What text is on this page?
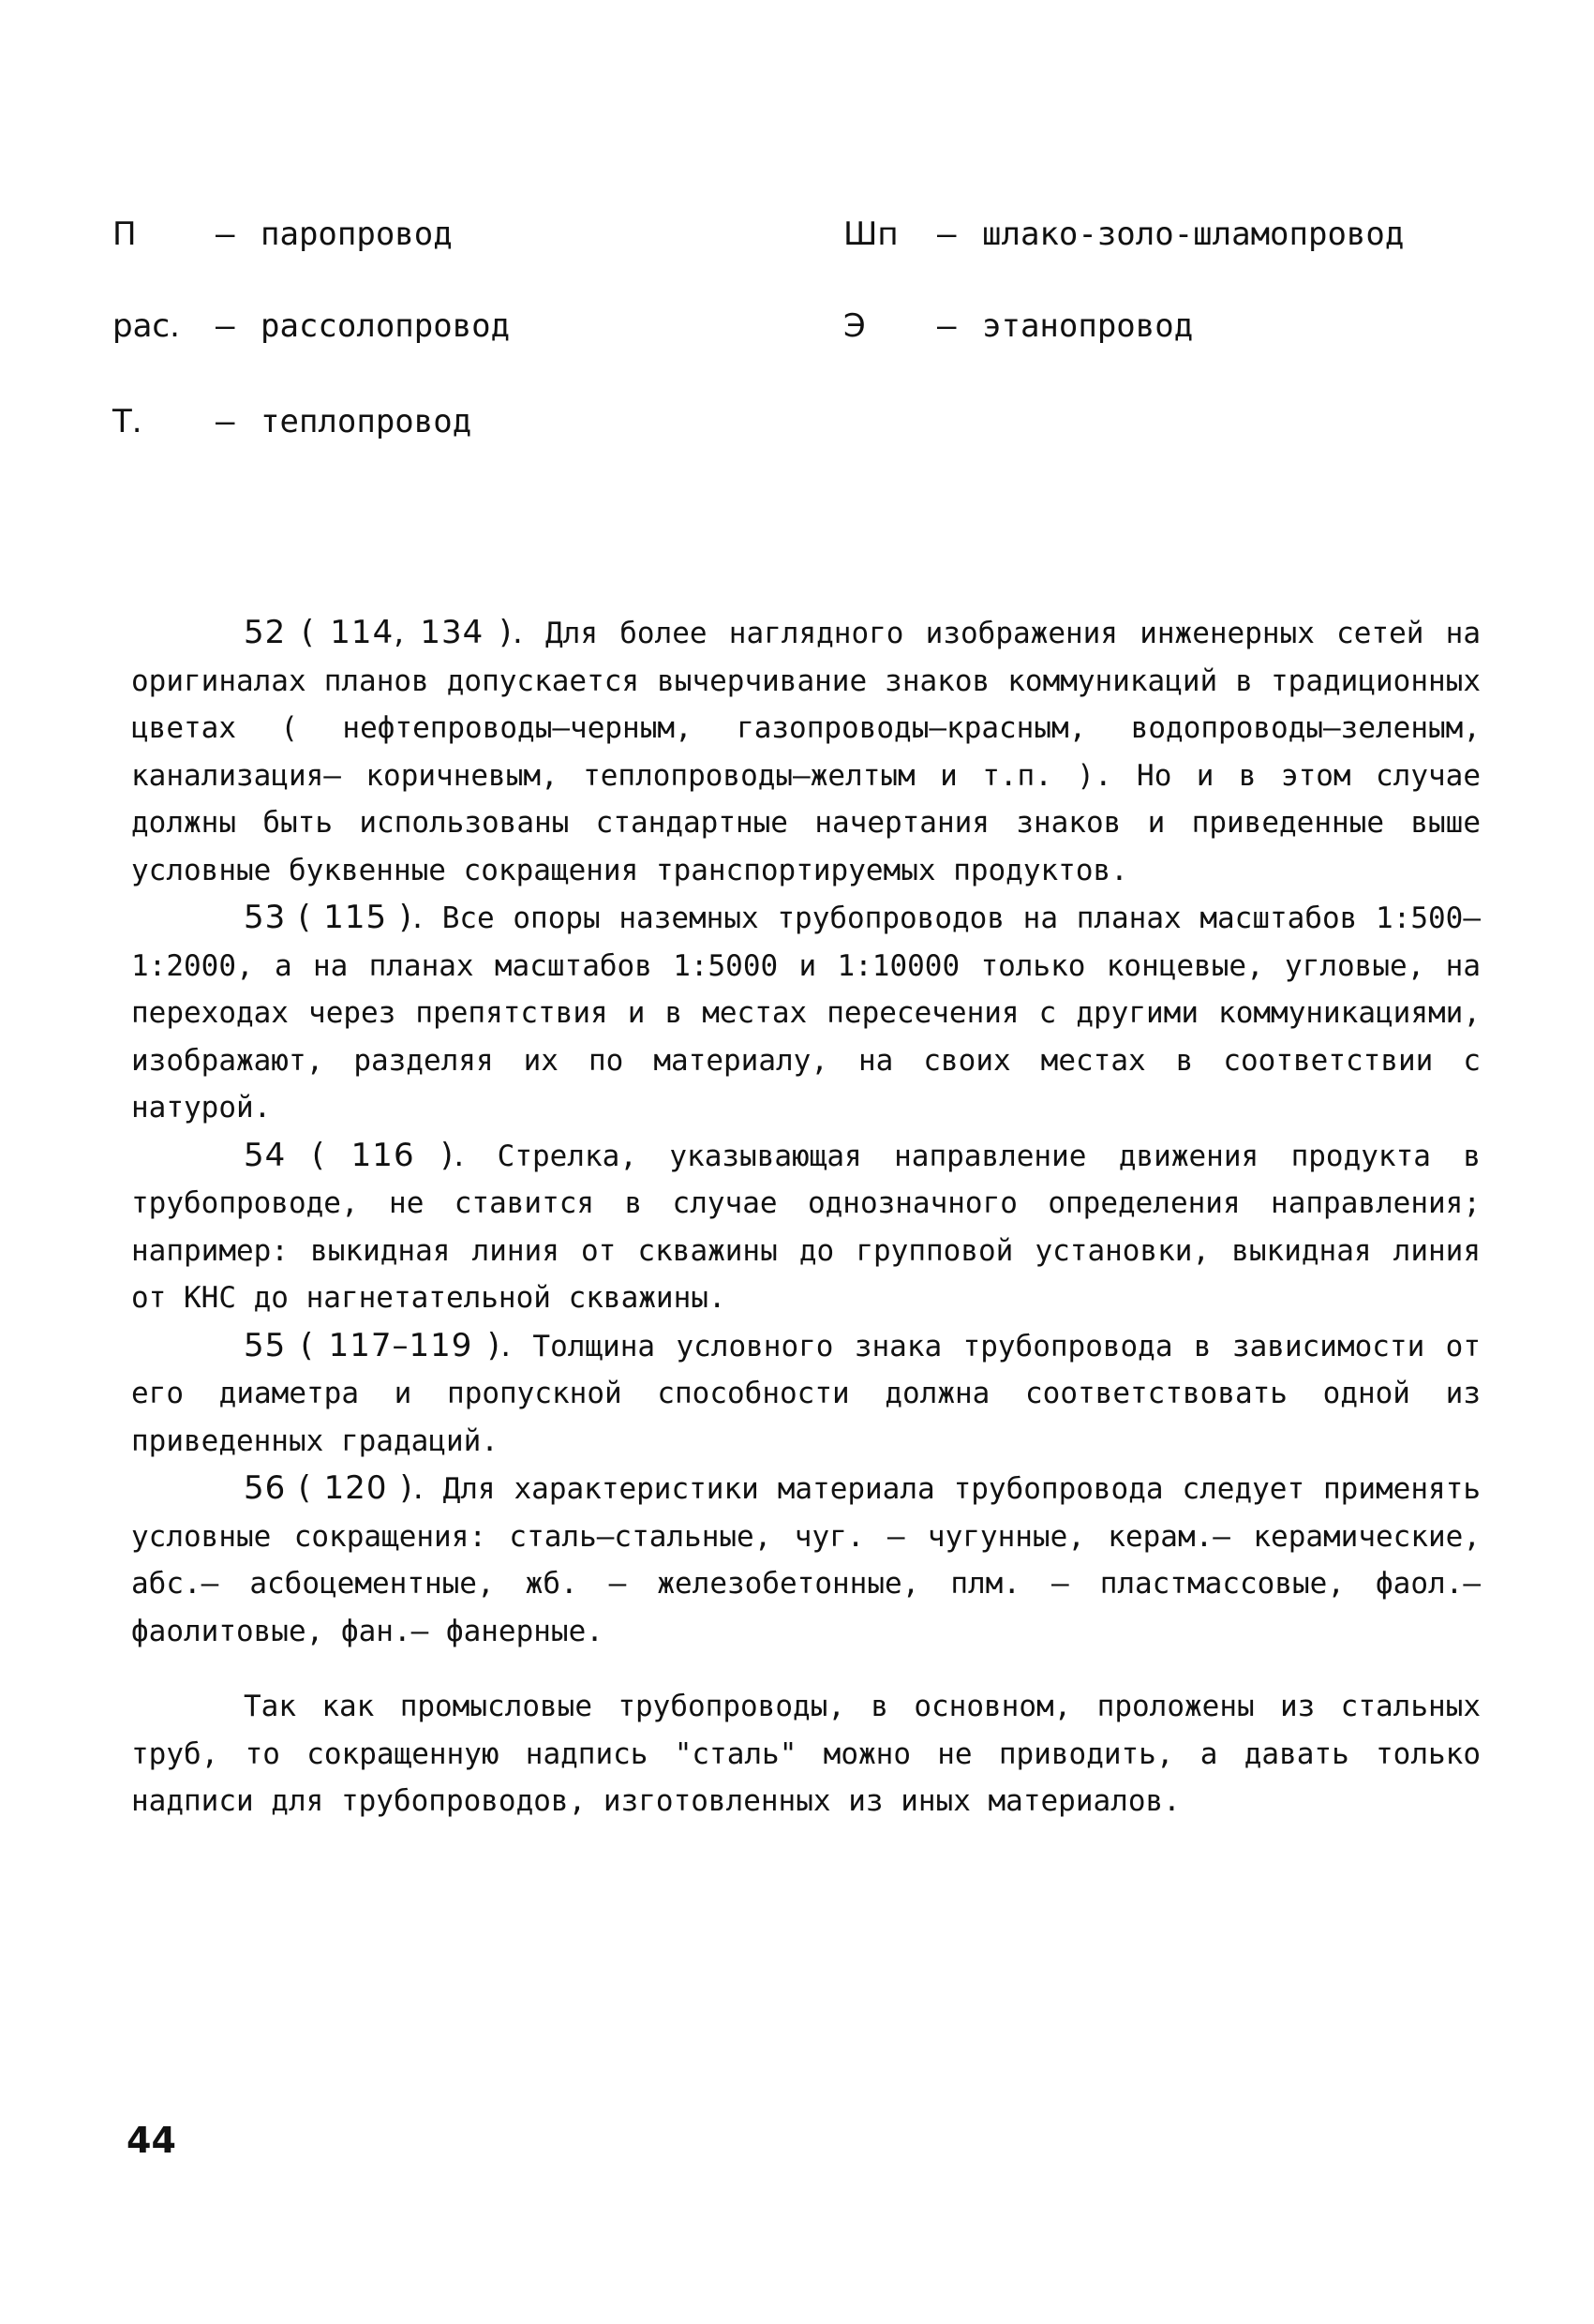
П – паропровод
рас. – рассолопровод
Т. – теплопровод
Шп – шлако-золо-шламопровод
Э – этанопровод

52 ( 114, 134 ). Для более наглядного изображения инженерных сетей на оригиналах планов допускается вычерчивание знаков коммуникаций в традиционных цветах ( нефтепроводы–черным, газопроводы–красным, водопроводы–зеленым, канализация– коричневым, теплопроводы–желтым и т.п. ). Но и в этом случае должны быть использованы стандартные начертания знаков и приведенные выше условные буквенные сокращения транспортируемых продуктов.

53 ( 115 ). Все опоры наземных трубопроводов на планах масштабов 1:500–1:2000, а на планах масштабов 1:5000 и 1:10000 только концевые, угловые, на переходах через препятствия и в местах пересечения с другими коммуникациями, изображают, разделяя их по материалу, на своих местах в соответствии с натурой.

54 ( 116 ). Стрелка, указывающая направление движения продукта в трубопроводе, не ставится в случае однозначного определения направления; например: выкидная линия от скважины до групповой установки, выкидная линия от КНС до нагнетательной скважины.

55 ( 117–119 ). Толщина условного знака трубопровода в зависимости от его диаметра и пропускной способности должна соответствовать одной из приведенных градаций.

56 ( 120 ). Для характеристики материала трубопровода следует применять условные сокращения: сталь–стальные, чуг. – чугунные, керам.– керамические, абс.– асбоцементные, жб. – железобетонные, плм. – пластмассовые, фаол.– фаолитовые, фан.– фанерные.

Так как промысловые трубопроводы, в основном, проложены из стальных труб, то сокращенную надпись "сталь" можно не приводить, а давать только надписи для трубопроводов, изготовленных из иных материалов.

44
